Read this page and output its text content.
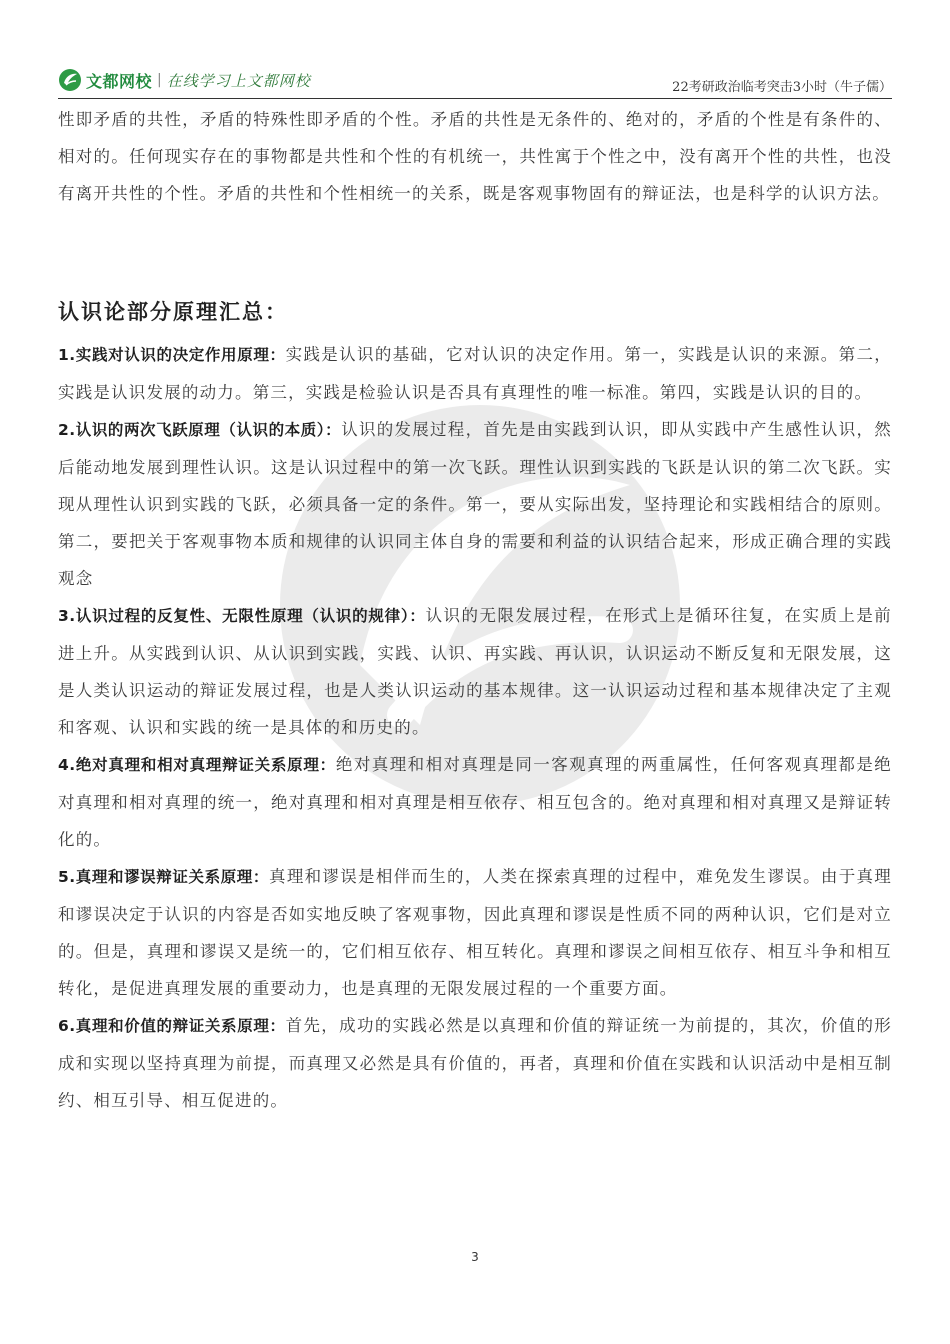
文都网校 | 在线学习上文都网校	22考研政治临考突击3小时（牛子儒）

性即矛盾的共性，矛盾的特殊性即矛盾的个性。矛盾的共性是无条件的、绝对的，矛盾的个性是有条件的、相对的。任何现实存在的事物都是共性和个性的有机统一，共性寓于个性之中，没有离开个性的共性，也没有离开共性的个性。矛盾的共性和个性相统一的关系，既是客观事物固有的辩证法，也是科学的认识方法。

认识论部分原理汇总：

1.实践对认识的决定作用原理：实践是认识的基础，它对认识的决定作用。第一，实践是认识的来源。第二，实践是认识发展的动力。第三，实践是检验认识是否具有真理性的唯一标准。第四，实践是认识的目的。

2.认识的两次飞跃原理（认识的本质）：认识的发展过程，首先是由实践到认识，即从实践中产生感性认识，然后能动地发展到理性认识。这是认识过程中的第一次飞跃。理性认识到实践的飞跃是认识的第二次飞跃。实现从理性认识到实践的飞跃，必须具备一定的条件。第一，要从实际出发，坚持理论和实践相结合的原则。第二，要把关于客观事物本质和规律的认识同主体自身的需要和利益的认识结合起来，形成正确合理的实践观念

3.认识过程的反复性、无限性原理（认识的规律）：认识的无限发展过程，在形式上是循环往复，在实质上是前进上升。从实践到认识、从认识到实践，实践、认识、再实践、再认识，认识运动不断反复和无限发展，这是人类认识运动的辩证发展过程，也是人类认识运动的基本规律。这一认识运动过程和基本规律决定了主观和客观、认识和实践的统一是具体的和历史的。

4.绝对真理和相对真理辩证关系原理：绝对真理和相对真理是同一客观真理的两重属性，任何客观真理都是绝对真理和相对真理的统一，绝对真理和相对真理是相互依存、相互包含的。绝对真理和相对真理又是辩证转化的。

5.真理和谬误辩证关系原理：真理和谬误是相伴而生的，人类在探索真理的过程中，难免发生谬误。由于真理和谬误决定于认识的内容是否如实地反映了客观事物，因此真理和谬误是性质不同的两种认识，它们是对立的。但是，真理和谬误又是统一的，它们相互依存、相互转化。真理和谬误之间相互依存、相互斗争和相互转化，是促进真理发展的重要动力，也是真理的无限发展过程的一个重要方面。

6.真理和价值的辩证关系原理：首先，成功的实践必然是以真理和价值的辩证统一为前提的，其次，价值的形成和实现以坚持真理为前提，而真理又必然是具有价值的，再者，真理和价值在实践和认识活动中是相互制约、相互引导、相互促进的。

3
